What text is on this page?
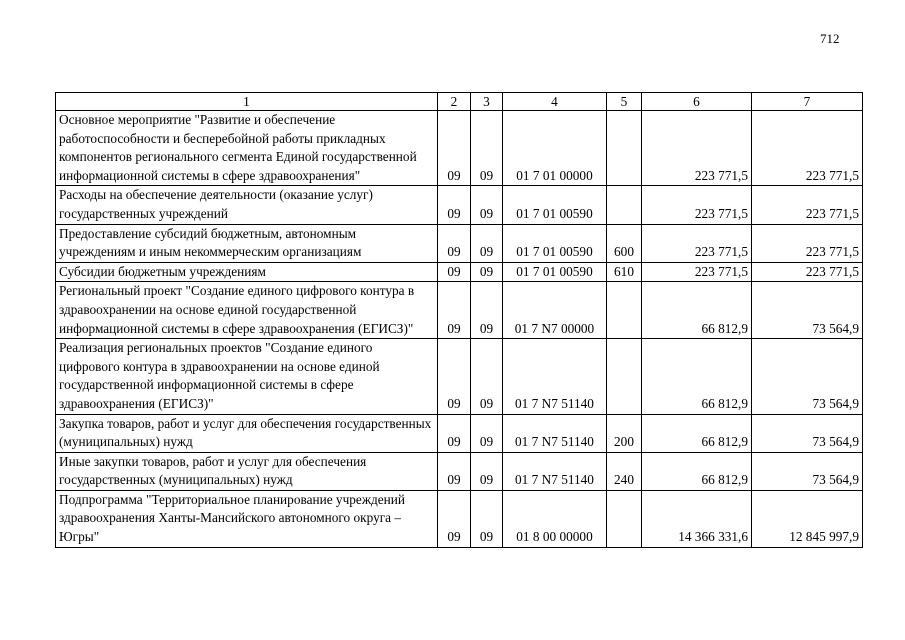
712
1	2	3	4	5	6	7
Основное мероприятие "Развитие и обеспечение работоспособности и бесперебойной работы прикладных компонентов регионального сегмента Единой государственной информационной системы в сфере здравоохранения"	09	09	01 7 01 00000		223 771,5	223 771,5
Расходы на обеспечение деятельности (оказание услуг) государственных учреждений	09	09	01 7 01 00590		223 771,5	223 771,5
Предоставление субсидий бюджетным, автономным учреждениям и иным некоммерческим организациям	09	09	01 7 01 00590	600	223 771,5	223 771,5
Субсидии бюджетным учреждениям	09	09	01 7 01 00590	610	223 771,5	223 771,5
Региональный проект "Создание единого цифрового контура в здравоохранении на основе единой государственной информационной системы в сфере здравоохранения (ЕГИСЗ)"	09	09	01 7 N7 00000		66 812,9	73 564,9
Реализация региональных проектов "Создание единого цифрового контура в здравоохранении на основе единой государственной информационной системы в сфере здравоохранения (ЕГИСЗ)"	09	09	01 7 N7 51140		66 812,9	73 564,9
Закупка товаров, работ и услуг для обеспечения государственных (муниципальных) нужд	09	09	01 7 N7 51140	200	66 812,9	73 564,9
Иные закупки товаров, работ и услуг для обеспечения государственных (муниципальных) нужд	09	09	01 7 N7 51140	240	66 812,9	73 564,9
Подпрограмма "Территориальное планирование учреждений здравоохранения Ханты-Мансийского автономного округа – Югры"	09	09	01 8 00 00000		14 366 331,6	12 845 997,9
